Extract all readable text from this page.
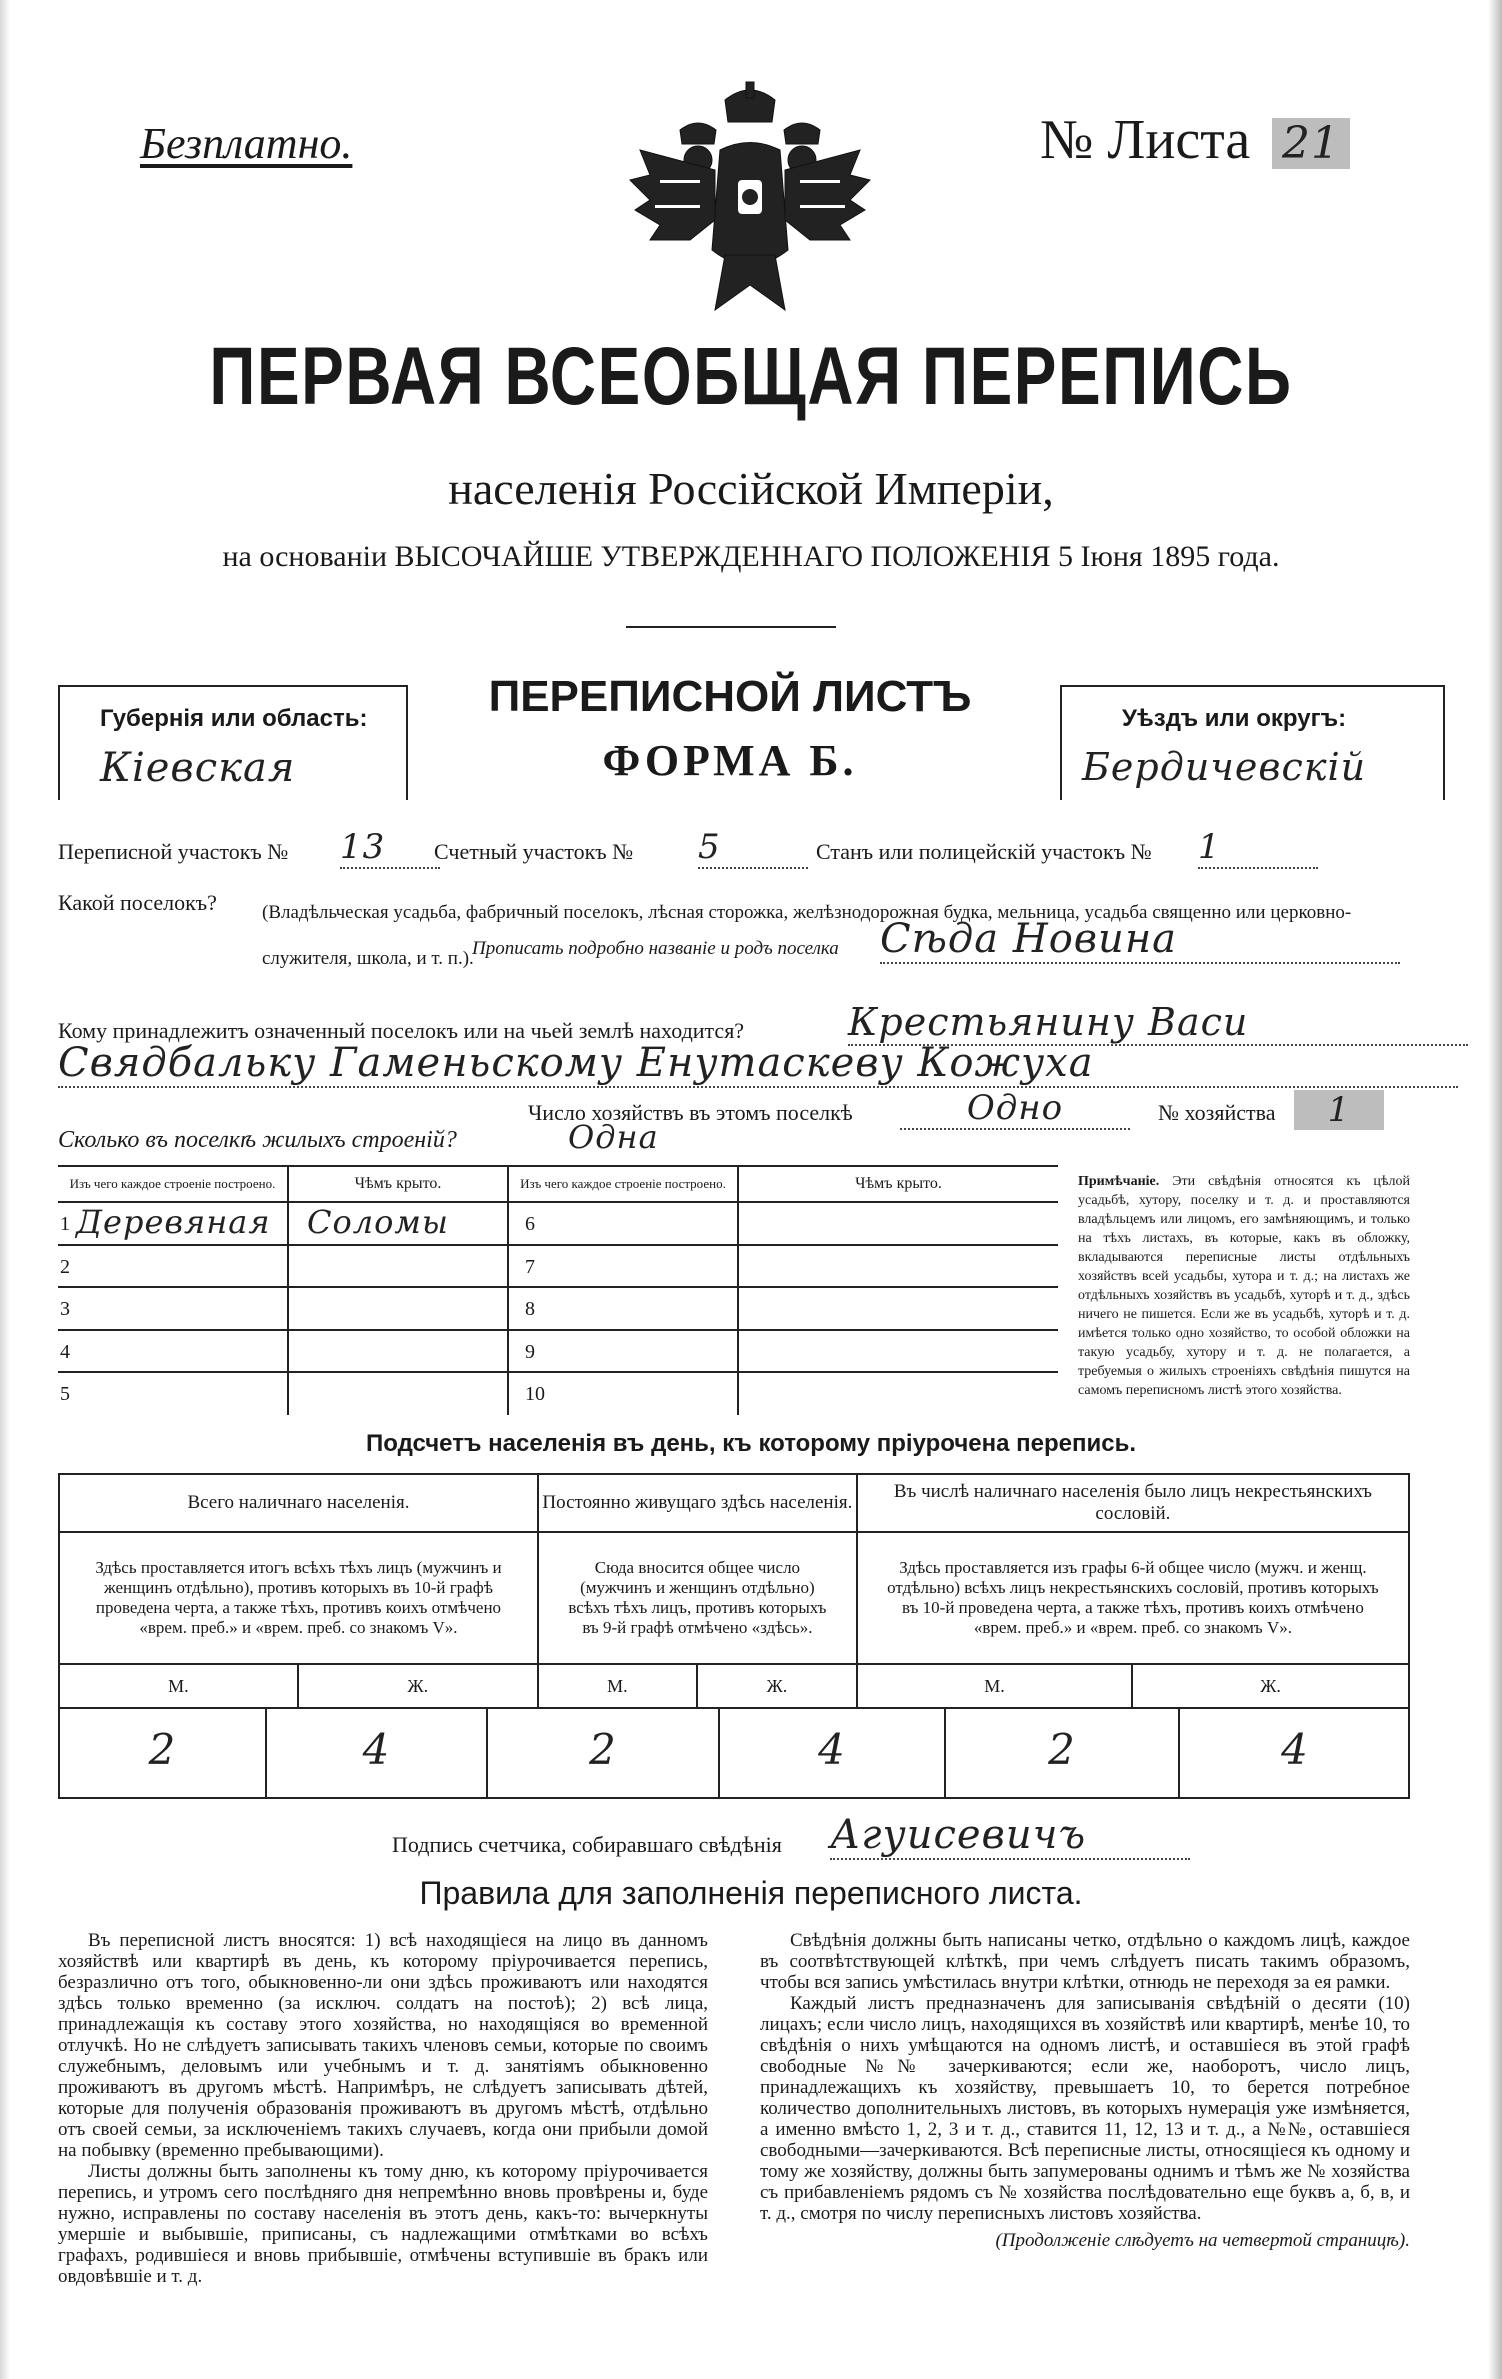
Безплатно.	№ Листа 21
ПЕРВАЯ ВСЕОБЩАЯ ПЕРЕПИСЬ
населенія Россійской Имперіи,
на основаніи ВЫСОЧАЙШЕ УТВЕРЖДЕННАГО ПОЛОЖЕНІЯ 5 Іюня 1895 года.
Губернія или область:
Кіевская
ПЕРЕПИСНОЙ ЛИСТЪ
ФОРМА Б.
Уѣздъ или округъ:
Бердичевскій
Переписной участокъ № 13	Счетный участокъ № 5	Станъ или полицейскій участокъ № 1
Какой поселокъ? (Владѣльческая усадьба, фабричный поселокъ, лѣсная сторожка, желѣзнодорожная будка, мельница, усадьба священно или церковно-служителя, школа, и т. п.).
Прописать подробно названіе и родъ поселка Сѣда Новина
Кому принадлежитъ означенный поселокъ или на чьей землѣ находится?	Крестьянину Васи
Свядбальку Гаменьскому Енутаскеву Кожуха
Число хозяйствъ въ этомъ поселкѣ	Одно	№ хозяйства	1
Сколько въ поселкѣ жилыхъ строеній?	Одна
Изъ чего каждое строеніе построено.	Чѣмъ крыто.	Изъ чего каждое строеніе построено.	Чѣмъ крыто.

1 Деревяная	Соломы	6	

2		7	

3		8	

4		9	

5		10	

Примѣчаніе. Эти свѣдѣнія относятся къ цѣлой усадьбѣ, хутору, поселку и т. д. и проставляются владѣльцемъ или лицомъ, его замѣняющимъ, и только на тѣхъ листахъ, въ которые, какъ въ обложку, вкладываются переписные листы отдѣльныхъ хозяйствъ всей усадьбы, хутора и т. д.; на листахъ же отдѣльныхъ хозяйствъ въ усадьбѣ, хуторѣ и т. д., здѣсь ничего не пишется. Если же въ усадьбѣ, хуторѣ и т. д. имѣется только одно хозяйство, то особой обложки на такую усадьбу, хутору и т. д. не полагается, а требуемыя о жилыхъ строеніяхъ свѣдѣнія пишутся на самомъ переписномъ листѣ этого хозяйства.
Подсчетъ населенія въ день, къ которому пріурочена перепись.
Всего наличнаго населенія.		Постоянно живущаго здѣсь населенія.		Въ числѣ наличнаго населенія было лицъ некрестьянскихъ сословій.	
Здѣсь проставляется итогъ всѣхъ тѣхъ лицъ (мужчинъ и женщинъ отдѣльно), противъ которыхъ въ 10-й графѣ проведена черта, а также тѣхъ, противъ коихъ отмѣчено «врем. преб.» и «врем. преб. со знакомъ V».		Сюда вносится общее число (мужчинъ и женщинъ отдѣльно) всѣхъ тѣхъ лицъ, противъ которыхъ въ 9-й графѣ отмѣчено «здѣсь».		Здѣсь проставляется изъ графы 6-й общее число (мужч. и женщ. отдѣльно) всѣхъ лицъ некрестьянскихъ сословій, противъ которыхъ въ 10-й проведена черта, а также тѣхъ, противъ коихъ отмѣчено «врем. преб.» и «врем. преб. со знакомъ V».	
М.	Ж.	М.	Ж.	М.	Ж.
2	4	2	4	2	4
Подпись счетчика, собиравшаго свѣдѣнія Агуисевичъ
Правила для заполненія переписного листа.

Въ переписной листъ вносятся: 1) всѣ находящіеся на лицо въ данномъ хозяйствѣ или квартирѣ въ день, къ которому пріурочивается перепись, безразлично отъ того, обыкновенно-ли они здѣсь проживаютъ или находятся здѣсь только временно (за исключ. солдатъ на постоѣ); 2) всѣ лица, принадлежащія къ составу этого хозяйства, но находящіяся во временной отлучкѣ. Но не слѣдуетъ записывать такихъ членовъ семьи, которые по своимъ служебнымъ, деловымъ или учебнымъ и т. д. занятіямъ обыкновенно проживаютъ въ другомъ мѣстѣ. Напримѣръ, не слѣдуетъ записывать дѣтей, которые для полученія образованія проживаютъ въ другомъ мѣстѣ, отдѣльно отъ своей семьи, за исключеніемъ такихъ случаевъ, когда они прибыли домой на побывку (временно пребывающими).

Листы должны быть заполнены къ тому дню, къ которому пріурочивается перепись, и утромъ сего послѣдняго дня непремѣнно вновь провѣрены и, буде нужно, исправлены по составу населенія въ этотъ день, какъ-то: вычеркнуты умершіе и выбывшіе, приписаны, съ надлежащими отмѣтками во всѣхъ графахъ, родившіеся и вновь прибывшіе, отмѣчены вступившіе въ бракъ или овдовѣвшіе и т. д.

Свѣдѣнія должны быть написаны четко, отдѣльно о каждомъ лицѣ, каждое въ соотвѣтствующей клѣткѣ, при чемъ слѣдуетъ писать такимъ образомъ, чтобы вся запись умѣстилась внутри клѣтки, отнюдь не переходя за ея рамки.

Каждый листъ предназначенъ для записыванія свѣдѣній о десяти (10) лицахъ; если число лицъ, находящихся въ хозяйствѣ или квартирѣ, менѣе 10, то свѣдѣнія о нихъ умѣщаются на одномъ листѣ, и оставшіеся въ этой графѣ свободные №№ зачеркиваются; если же, наоборотъ, число лицъ, принадлежащихъ къ хозяйству, превышаетъ 10, то берется потребное количество дополнительныхъ листовъ, въ которыхъ нумерація уже измѣняется, а именно вмѣсто 1, 2, 3 и т. д., ставится 11, 12, 13 и т. д., а №№, оставшіеся свободными—зачеркиваются. Всѣ переписные листы, относящіеся къ одному и тому же хозяйству, должны быть запумерованы однимъ и тѣмъ же № хозяйства съ прибавленіемъ рядомъ съ № хозяйства послѣдовательно еще буквъ а, б, в, и т. д., смотря по числу переписныхъ листовъ хозяйства.

(Продолженіе слѣдуетъ на четвертой страницѣ).
